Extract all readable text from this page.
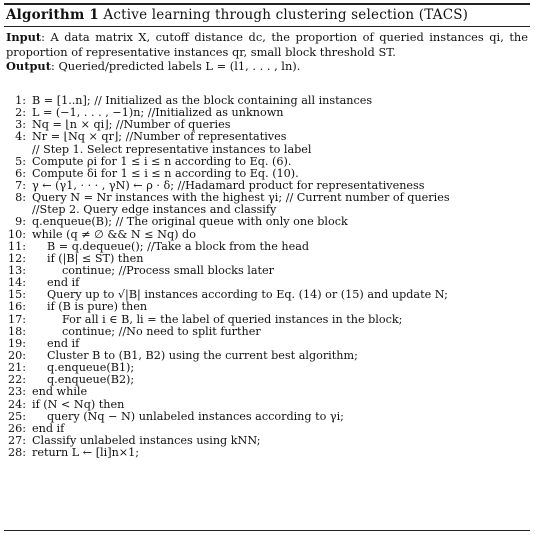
Algorithm 1 Active learning through clustering selection (TACS)

Input: A data matrix X, cutoff distance dc, the proportion of queried instances qi, the proportion of representative instances qr, small block threshold ST.

Output: Queried/predicted labels L = (l1, . . . , ln).

1: B = [1..n]; // Initialized as the block containing all instances
2: L = (−1, . . . , −1)n; //Initialized as unknown
3: Nq = ⌊n × qi⌋; //Number of queries
4: Nr = ⌊Nq × qr⌋; //Number of representatives
// Step 1. Select representative instances to label
5: Compute ρi for 1 ≤ i ≤ n according to Eq. (6).
6: Compute δi for 1 ≤ i ≤ n according to Eq. (10).
7: γ ← (γ1, · · · , γN) ← ρ · δ; //Hadamard product for representativeness
8: Query N = Nr instances with the highest γi; // Current number of queries
//Step 2. Query edge instances and classify
9: q.enqueue(B); // The original queue with only one block
10: while (q ≠ ∅ && N ≤ Nq) do
11: B = q.dequeue(); //Take a block from the head
12: if (|B| ≤ ST) then
13:	continue; //Process small blocks later
14: end if
15: Query up to √|B| instances according to Eq. (14) or (15) and update N;
16: if (B is pure) then
17:	For all i ∈ B, li = the label of queried instances in the block;
18:	continue; //No need to split further
19: end if
20: Cluster B to (B1, B2) using the current best algorithm;
21: q.enqueue(B1);
22: q.enqueue(B2);
23: end while
24: if (N < Nq) then
25: query (Nq − N) unlabeled instances according to γi;
26: end if
27: Classify unlabeled instances using kNN;
28: return L ← [li]n×1;
